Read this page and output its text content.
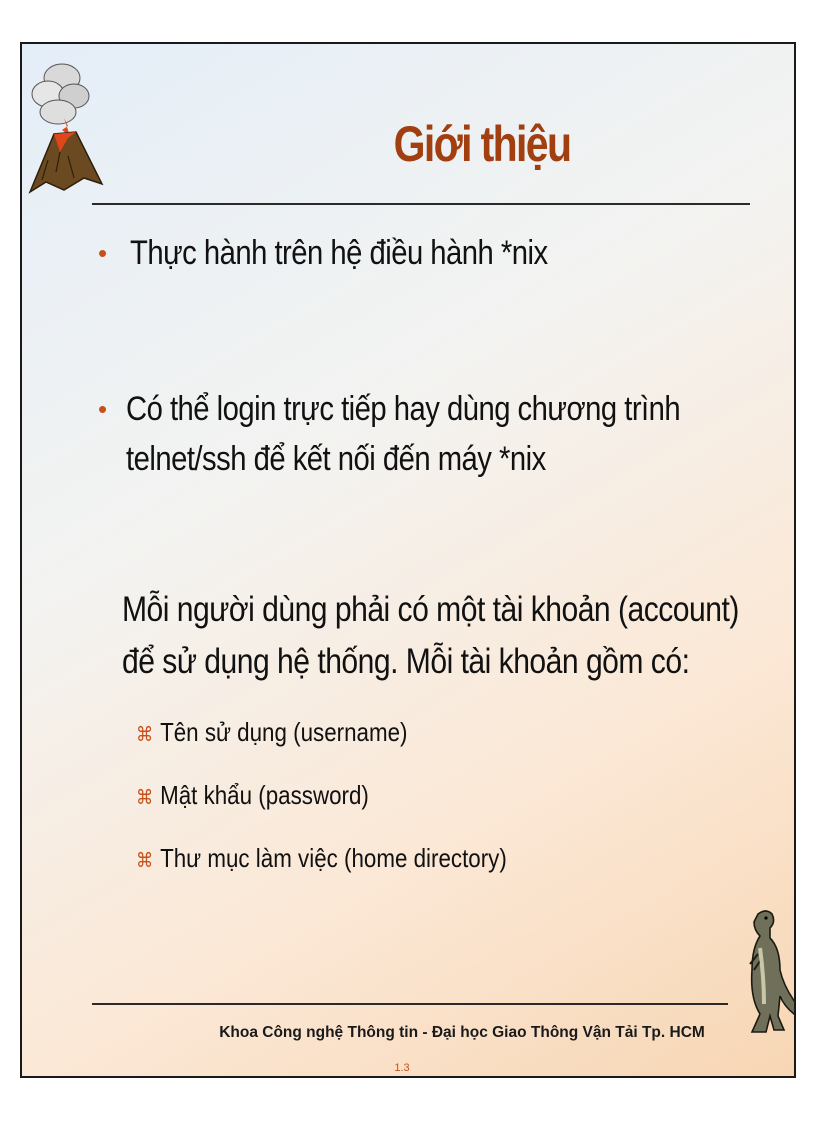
Giới thiệu
• Thực hành trên hệ điều hành *nix
• Có thể login trực tiếp hay dùng chương trình telnet/ssh để kết nối đến máy *nix
Mỗi người dùng phải có một tài khoản (account) để sử dụng hệ thống. Mỗi tài khoản gồm có:
⌘ Tên sử dụng (username)
⌘ Mật khẩu (password)
⌘ Thư mục làm việc (home directory)

Khoa Công nghệ Thông tin - Đại học Giao Thông Vận Tải Tp. HCM

1.3
